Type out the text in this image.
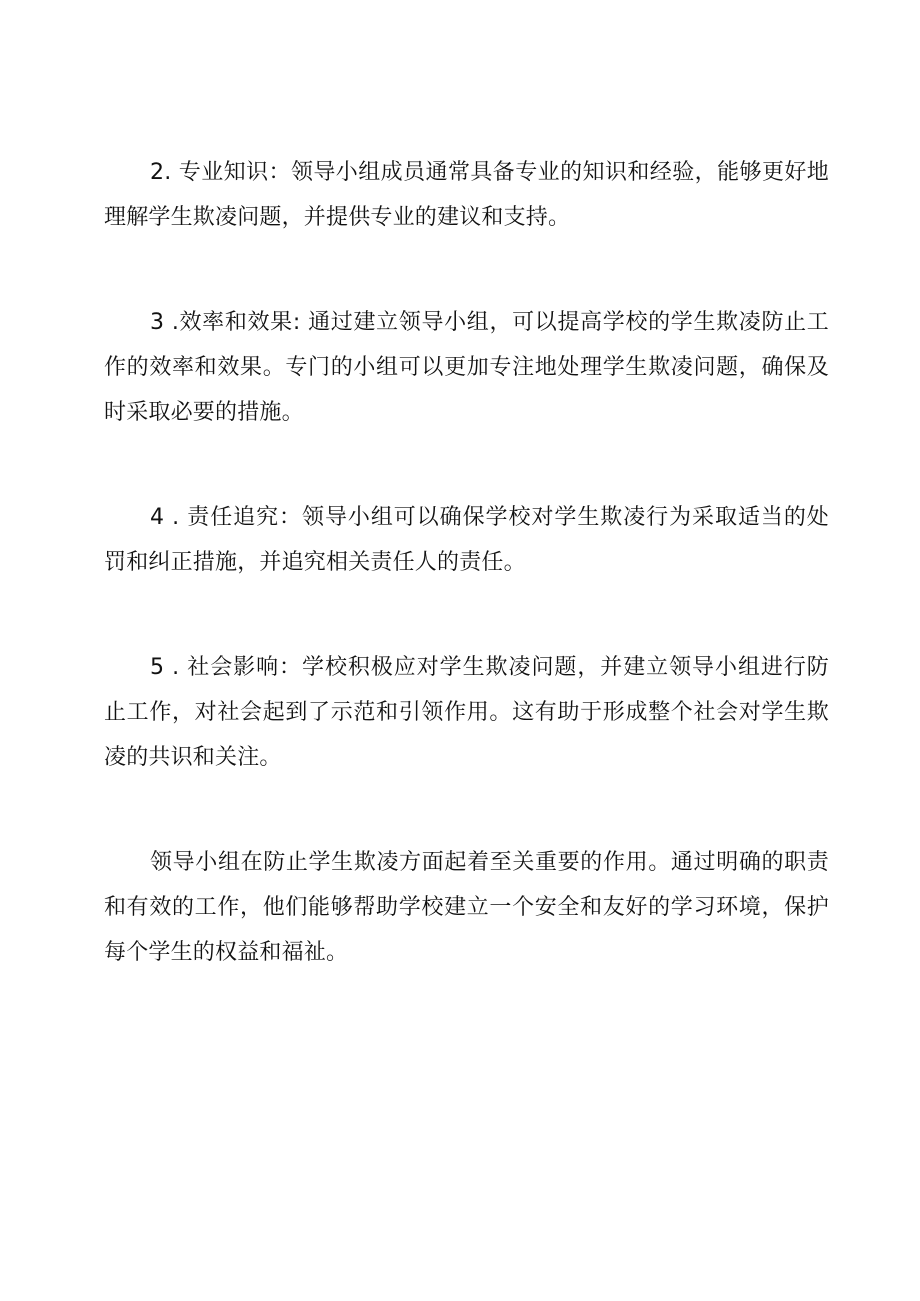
2. 专业知识：领导小组成员通常具备专业的知识和经验，能够更好地理解学生欺凌问题，并提供专业的建议和支持。

3 .效率和效果: 通过建立领导小组，可以提高学校的学生欺凌防止工作的效率和效果。专门的小组可以更加专注地处理学生欺凌问题，确保及时采取必要的措施。

4 . 责任追究：领导小组可以确保学校对学生欺凌行为采取适当的处罚和纠正措施，并追究相关责任人的责任。

5 . 社会影响：学校积极应对学生欺凌问题，并建立领导小组进行防止工作，对社会起到了示范和引领作用。这有助于形成整个社会对学生欺凌的共识和关注。

领导小组在防止学生欺凌方面起着至关重要的作用。通过明确的职责和有效的工作，他们能够帮助学校建立一个安全和友好的学习环境，保护每个学生的权益和福祉。
